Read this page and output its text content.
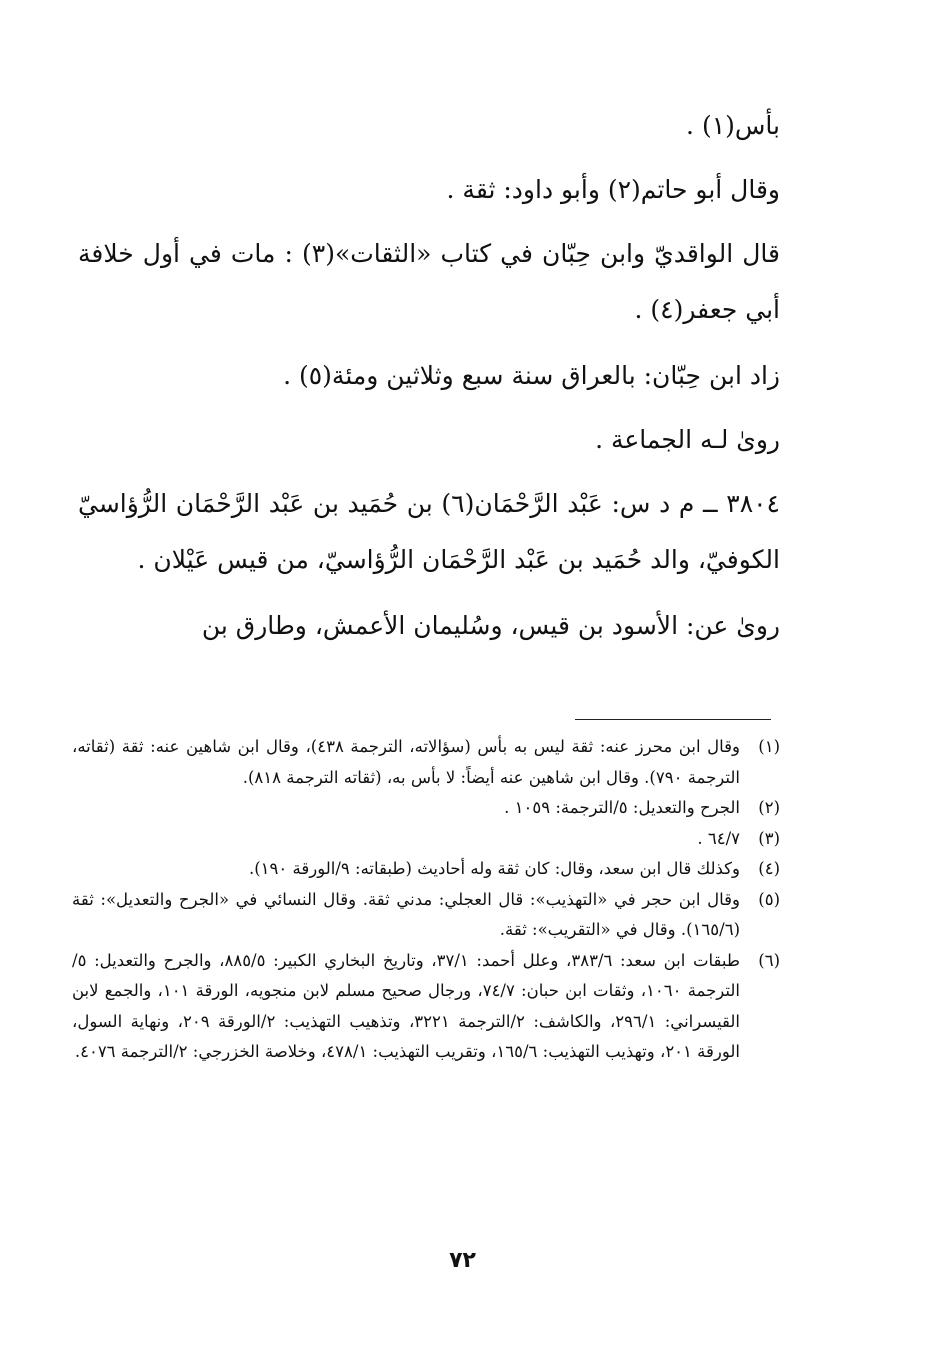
بأس(١) .

وقال أبو حاتم(٢) وأبو داود: ثقة .

قال الواقديّ وابن حِبّان في كتاب «الثقات»(٣) : مات في أول خلافة أبي جعفر(٤) .

زاد ابن حِبّان: بالعراق سنة سبع وثلاثين ومئة(٥) .

روىٰ لـه الجماعة .

٣٨٠٤ ــ م د س: عَبْد الرَّحْمَان(٦) بن حُمَيد بن عَبْد الرَّحْمَان الرُّؤاسيّ الكوفيّ، والد حُمَيد بن عَبْد الرَّحْمَان الرُّؤاسيّ، من قيس عَيْلان .

روىٰ عن: الأسود بن قيس، وسُليمان الأعمش، وطارق بن

(١)
وقال ابن محرز عنه: ثقة ليس به بأس (سؤالاته، الترجمة ٤٣٨)، وقال ابن شاهين عنه: ثقة (ثقاته، الترجمة ٧٩٠). وقال ابن شاهين عنه أيضاً: لا بأس به، (ثقاته الترجمة ٨١٨).
(٢)
الجرح والتعديل: ٥/الترجمة: ١٠٥٩ .
(٣)
٦٤/٧ .
(٤)
وكذلك قال ابن سعد، وقال: كان ثقة وله أحاديث (طبقاته: ٩/الورقة ١٩٠).
(٥)
وقال ابن حجر في «التهذيب»: قال العجلي: مدني ثقة. وقال النسائي في «الجرح والتعديل»: ثقة (١٦٥/٦). وقال في «التقريب»: ثقة.
(٦)
طبقات ابن سعد: ٣٨٣/٦، وعلل أحمد: ٣٧/١، وتاريخ البخاري الكبير: ٨٨٥/٥، والجرح والتعديل: ٥/الترجمة ١٠٦٠، وثقات ابن حبان: ٧٤/٧، ورجال صحيح مسلم لابن منجويه، الورقة ١٠١، والجمع لابن القيسراني: ٢٩٦/١، والكاشف: ٢/الترجمة ٣٢٢١، وتذهيب التهذيب: ٢/الورقة ٢٠٩، ونهاية السول، الورقة ٢٠١، وتهذيب التهذيب: ١٦٥/٦، وتقريب التهذيب: ٤٧٨/١، وخلاصة الخزرجي: ٢/الترجمة ٤٠٧٦.
٧٢
